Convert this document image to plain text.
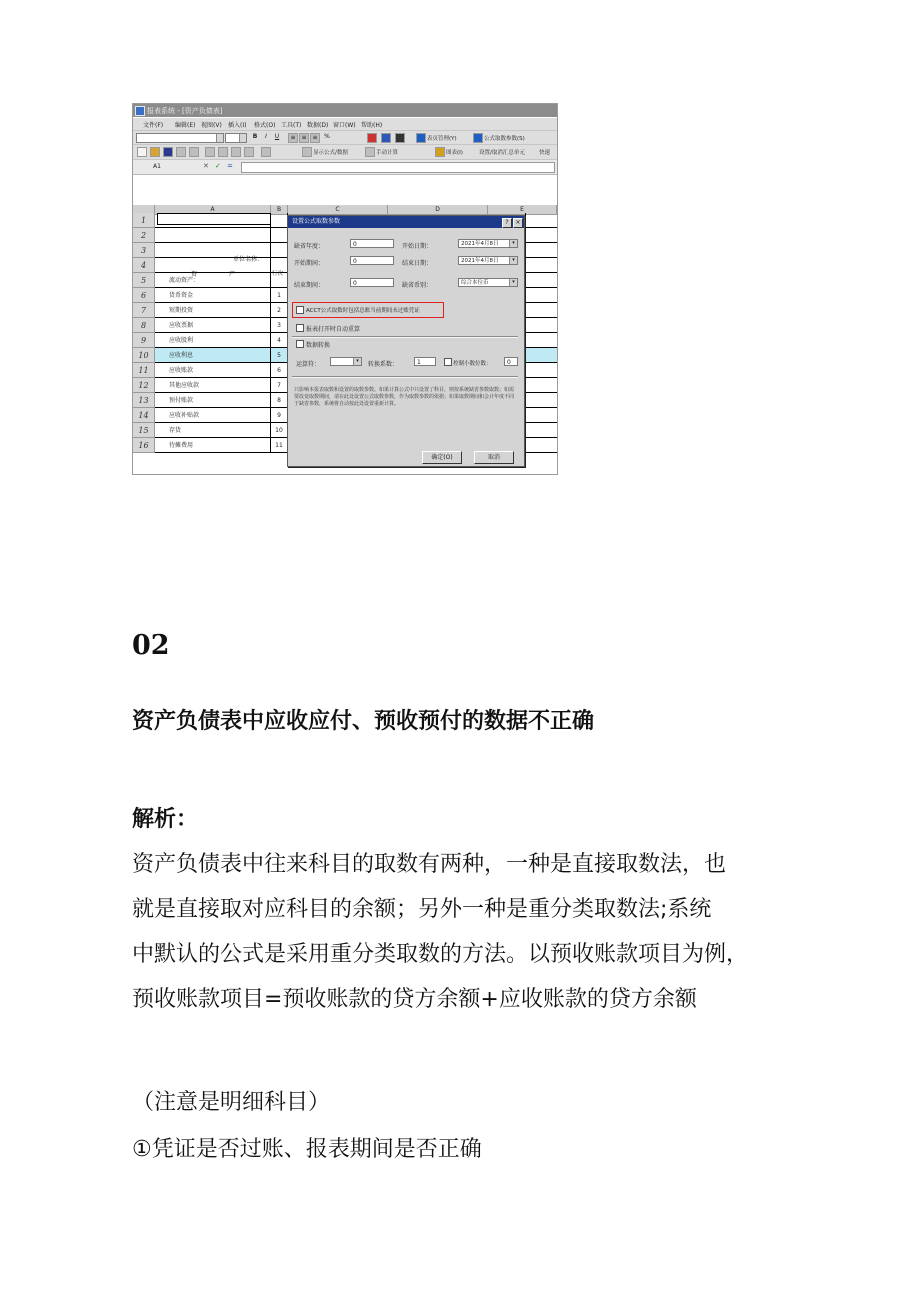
报表系统 - [资产负债表]
文件(F) 编辑(E) 视图(V) 插入(I) 格式(O) 工具(T) 数据(D) 窗口(W) 帮助(H)
B	I	U	≡ ≡ ≡	%	表页管理(Y)	公式取数参数(S)
显示公式/数据	手动计算	图表(I)	设置/取消汇总单元	快速
A1	✕ ✓ =
A	B	C	D	E
1
2
3
4
5	流动资产：
6	货币资金	1
7	短期投资	2
8	应收票据	3
9	应收股利	4
10	应收利息	5
11	应收账款	6
12	其他应收款	7
13	预付账款	8
14	应收补贴款	9
15	存货	10
16	待摊费用	11
单位名称：
资	产	行次
设置公式取数参数	?	×
缺省年度：	0	开始日期：	2021年4月8日	▾
开始期间：	0	结束日期：	2021年4月8日	▾
结束期间：	0	缺省币别：	综合本位币	▾
ACCT公式取数时包括总账当前期间未过账凭证
报表打开时自动重算
数据转换
运算符：	▾	转换系数：	1	控制小数位数：	0
只影响本报表取数和设置的取数参数。如果计算公式中只设置了科目，则按系统缺省参数取数；如需要改变取数期间，请在此处设置公式取数参数，作为取数参数的依据；如果取数期间和会计年度不同于缺省参数，系统将自动按此处设置重新计算。
确定(O)	取消
02
资产负债表中应收应付、预收预付的数据不正确
解析：
资产负债表中往来科目的取数有两种，一种是直接取数法，也
就是直接取对应科目的余额；另外一种是重分类取数法;系统
中默认的公式是采用重分类取数的方法。以预收账款项目为例，
预收账款项目=预收账款的贷方余额+应收账款的贷方余额
（注意是明细科目）
①凭证是否过账、报表期间是否正确
